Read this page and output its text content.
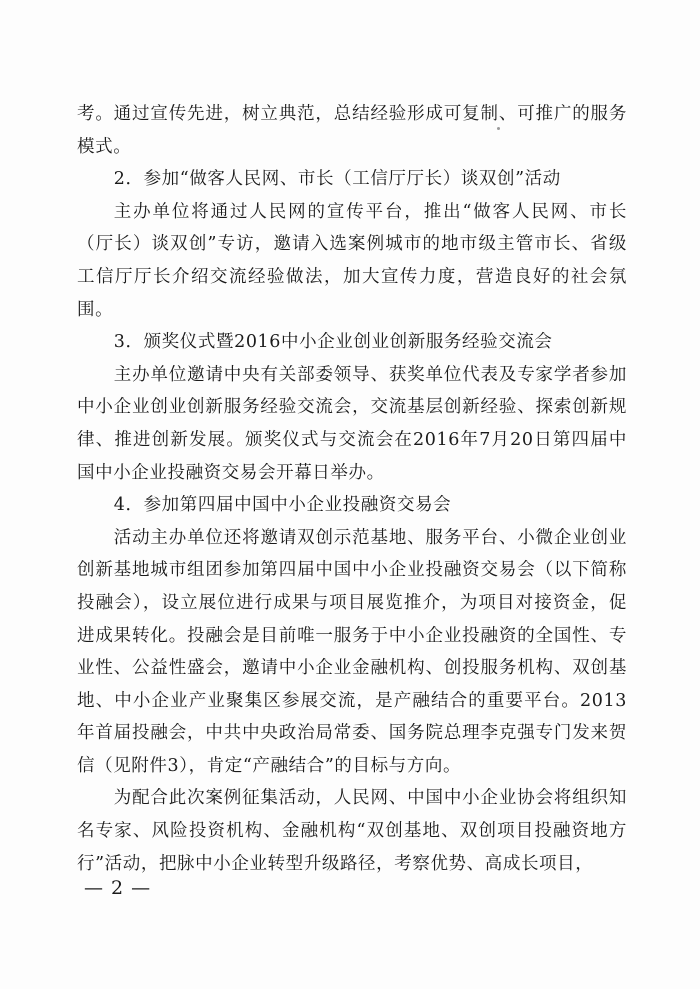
考。通过宣传先进，树立典范，总结经验形成可复制、可推广的服务模式。

2．参加“做客人民网、市长（工信厅厅长）谈双创”活动

主办单位将通过人民网的宣传平台，推出“做客人民网、市长（厅长）谈双创”专访，邀请入选案例城市的地市级主管市长、省级工信厅厅长介绍交流经验做法，加大宣传力度，营造良好的社会氛围。

3．颁奖仪式暨2016中小企业创业创新服务经验交流会

主办单位邀请中央有关部委领导、获奖单位代表及专家学者参加中小企业创业创新服务经验交流会，交流基层创新经验、探索创新规律、推进创新发展。颁奖仪式与交流会在2016年7月20日第四届中国中小企业投融资交易会开幕日举办。

4．参加第四届中国中小企业投融资交易会

活动主办单位还将邀请双创示范基地、服务平台、小微企业创业创新基地城市组团参加第四届中国中小企业投融资交易会（以下简称投融会），设立展位进行成果与项目展览推介，为项目对接资金，促进成果转化。投融会是目前唯一服务于中小企业投融资的全国性、专业性、公益性盛会，邀请中小企业金融机构、创投服务机构、双创基地、中小企业产业聚集区参展交流，是产融结合的重要平台。2013年首届投融会，中共中央政治局常委、国务院总理李克强专门发来贺信（见附件3），肯定“产融结合”的目标与方向。

为配合此次案例征集活动，人民网、中国中小企业协会将组织知名专家、风险投资机构、金融机构“双创基地、双创项目投融资地方行”活动，把脉中小企业转型升级路径，考察优势、高成长项目，

— 2 —
